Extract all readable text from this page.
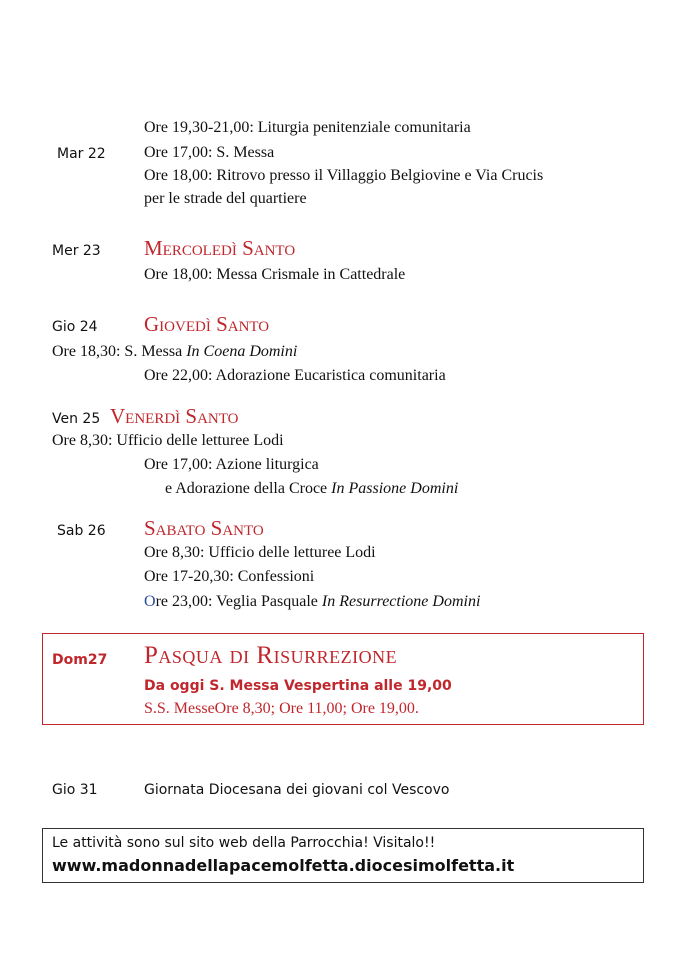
Ore 19,30-21,00: Liturgia penitenziale comunitaria
Mar 22 Ore 17,00: S. Messa
Ore 18,00: Ritrovo presso il Villaggio Belgiovine e Via Crucis
per le strade del quartiere
Mer 23 Mercoledì Santo
Ore 18,00: Messa Crismale in Cattedrale
Gio 24 Giovedì Santo
Ore 18,30: S. Messa In Coena Domini
Ore 22,00: Adorazione Eucaristica comunitaria
Ven 25 Venerdì Santo
Ore 8,30: Ufficio delle letturee Lodi
Ore 17,00: Azione liturgica
e Adorazione della Croce In Passione Domini
Sab 26 Sabato Santo
Ore 8,30: Ufficio delle letturee Lodi
Ore 17-20,30: Confessioni
Ore 23,00: Veglia Pasquale In Resurrectione Domini
Dom27 Pasqua di Risurrezione
Da oggi S. Messa Vespertina alle 19,00
S.S. MesseOre 8,30; Ore 11,00; Ore 19,00.
Gio 31	Giornata Diocesana dei giovani col Vescovo
Le attività sono sul sito web della Parrocchia! Visitalo!!
www.madonnadellapacemolfetta.diocesimolfetta.it
